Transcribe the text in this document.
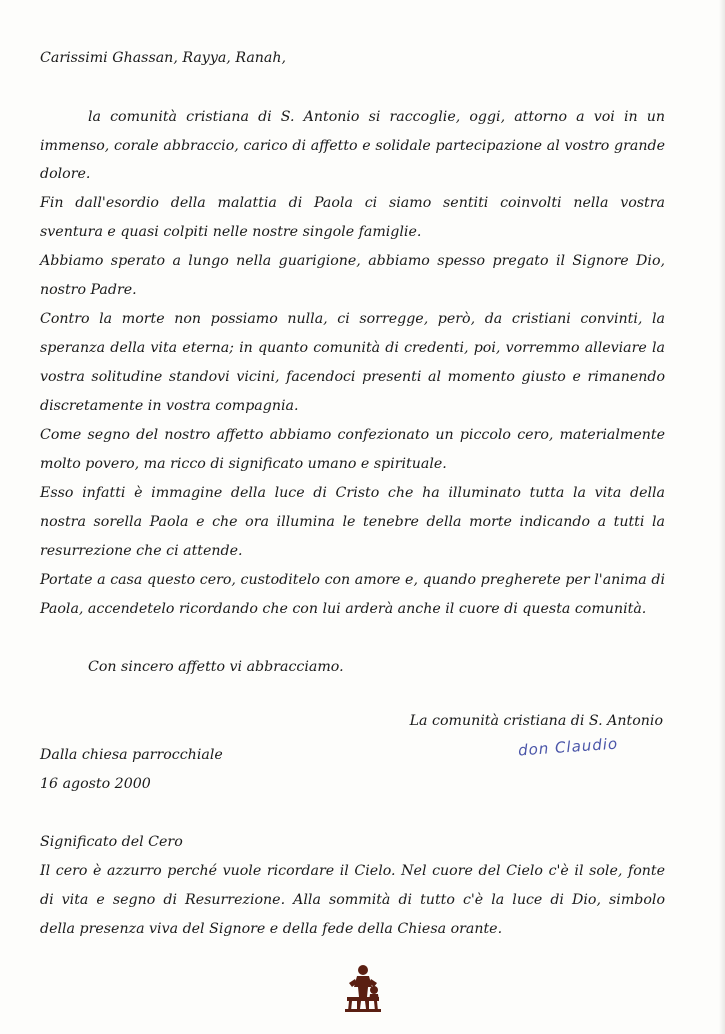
Carissimi Ghassan, Rayya, Ranah,
la comunità cristiana di S. Antonio si raccoglie, oggi, attorno a voi in un
immenso, corale abbraccio, carico di affetto e solidale partecipazione al vostro grande
dolore.
Fin dall'esordio della malattia di Paola ci siamo sentiti coinvolti nella vostra
sventura e quasi colpiti nelle nostre singole famiglie.
Abbiamo sperato a lungo nella guarigione, abbiamo spesso pregato il Signore Dio,
nostro Padre.
Contro la morte non possiamo nulla, ci sorregge, però, da cristiani convinti, la
speranza della vita eterna; in quanto comunità di credenti, poi, vorremmo alleviare la
vostra solitudine standovi vicini, facendoci presenti al momento giusto e rimanendo
discretamente in vostra compagnia.
Come segno del nostro affetto abbiamo confezionato un piccolo cero, materialmente
molto povero, ma ricco di significato umano e spirituale.
Esso infatti è immagine della luce di Cristo che ha illuminato tutta la vita della
nostra sorella Paola e che ora illumina le tenebre della morte indicando a tutti la
resurrezione che ci attende.
Portate a casa questo cero, custoditelo con amore e, quando pregherete per l'anima di
Paola, accendetelo ricordando che con lui arderà anche il cuore di questa comunità.
Con sincero affetto vi abbracciamo.
La comunità cristiana di S. Antonio
don Claudio
Dalla chiesa parrocchiale
16 agosto 2000
Significato del Cero
Il cero è azzurro perché vuole ricordare il Cielo. Nel cuore del Cielo c'è il sole, fonte
di vita e segno di Resurrezione. Alla sommità di tutto c'è la luce di Dio, simbolo
della presenza viva del Signore e della fede della Chiesa orante.
